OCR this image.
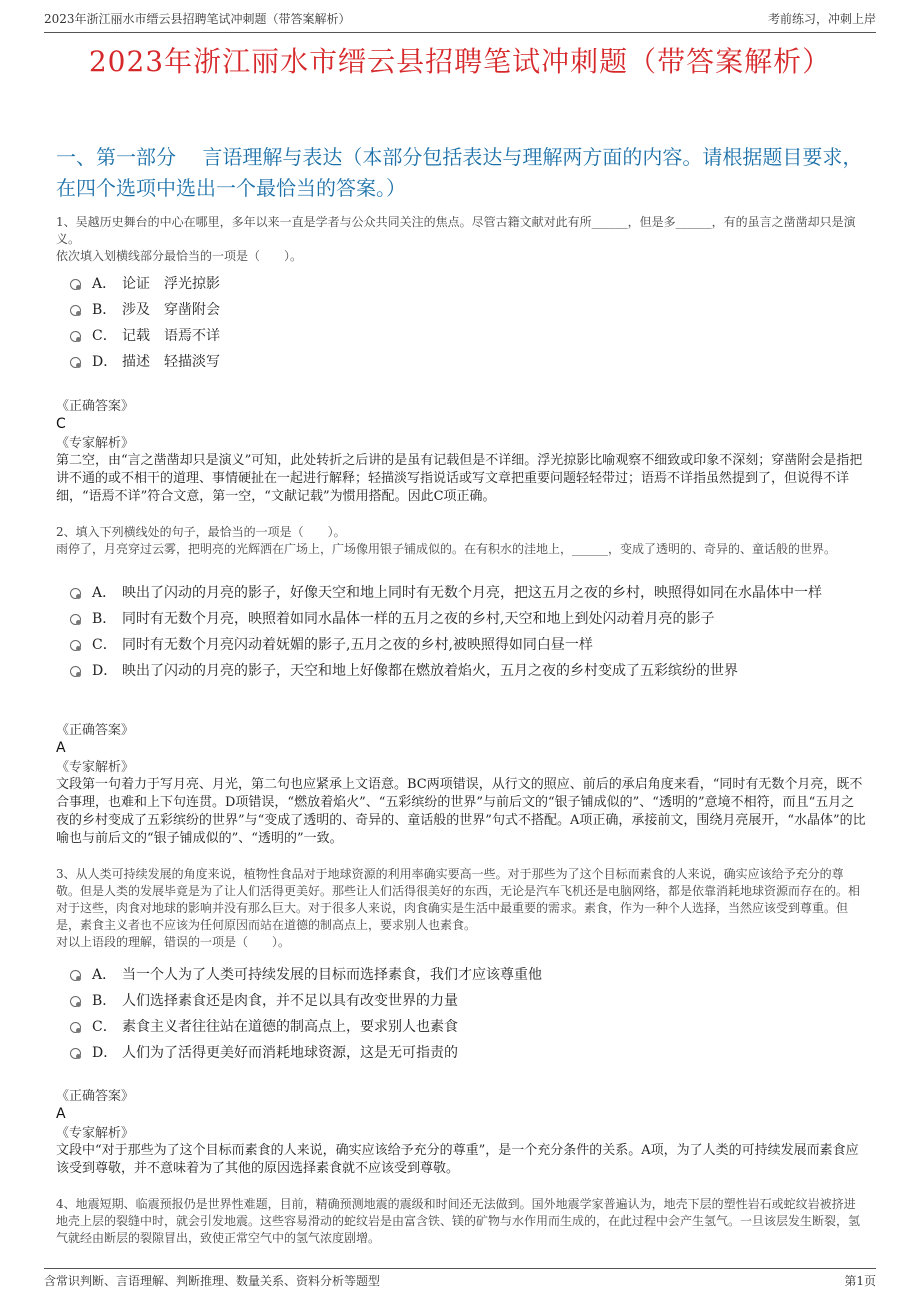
2023年浙江丽水市缙云县招聘笔试冲刺题（带答案解析）	考前练习，冲刺上岸
2023年浙江丽水市缙云县招聘笔试冲刺题（带答案解析）
一、第一部分　 言语理解与表达（本部分包括表达与理解两方面的内容。请根据题目要求，在四个选项中选出一个最恰当的答案。）

1、吴越历史舞台的中心在哪里，多年以来一直是学者与公众共同关注的焦点。尽管古籍文献对此有所______，但是多______，有的虽言之凿凿却只是演义。

依次填入划横线部分最恰当的一项是（　　）。

A． 论证　浮光掠影
B． 涉及　穿凿附会
C． 记载　语焉不详
D． 描述　轻描淡写

《正确答案》

C

《专家解析》

第二空，由“言之凿凿却只是演义”可知，此处转折之后讲的是虽有记载但是不详细。浮光掠影比喻观察不细致或印象不深刻；穿凿附会是指把讲不通的或不相干的道理、事情硬扯在一起进行解释；轻描淡写指说话或写文章把重要问题轻轻带过；语焉不详指虽然提到了，但说得不详细，“语焉不详”符合文意，第一空，“文献记载”为惯用搭配。因此C项正确。

2、填入下列横线处的句子，最恰当的一项是（　　）。

雨停了，月亮穿过云雾，把明亮的光辉洒在广场上，广场像用银子铺成似的。在有积水的洼地上，______，变成了透明的、奇异的、童话般的世界。

A． 映出了闪动的月亮的影子，好像天空和地上同时有无数个月亮，把这五月之夜的乡村，映照得如同在水晶体中一样
B． 同时有无数个月亮，映照着如同水晶体一样的五月之夜的乡村,天空和地上到处闪动着月亮的影子
C． 同时有无数个月亮闪动着妩媚的影子,五月之夜的乡村,被映照得如同白昼一样
D． 映出了闪动的月亮的影子，天空和地上好像都在燃放着焰火，五月之夜的乡村变成了五彩缤纷的世界

《正确答案》

A

《专家解析》

文段第一句着力于写月亮、月光，第二句也应紧承上文语意。BC两项错误，从行文的照应、前后的承启角度来看，“同时有无数个月亮，既不合事理，也难和上下句连贯。D项错误，“燃放着焰火”、“五彩缤纷的世界”与前后文的“银子铺成似的”、“透明的”意境不相符，而且“五月之夜的乡村变成了五彩缤纷的世界”与“变成了透明的、奇异的、童话般的世界”句式不搭配。A项正确，承接前文，围绕月亮展开，“水晶体”的比喻也与前后文的“银子铺成似的”、“透明的”一致。

3、从人类可持续发展的角度来说，植物性食品对于地球资源的利用率确实要高一些。对于那些为了这个目标而素食的人来说，确实应该给予充分的尊敬。但是人类的发展毕竟是为了让人们活得更美好。那些让人们活得很美好的东西，无论是汽车飞机还是电脑网络，都是依靠消耗地球资源而存在的。相对于这些，肉食对地球的影响并没有那么巨大。对于很多人来说，肉食确实是生活中最重要的需求。素食，作为一种个人选择，当然应该受到尊重。但是，素食主义者也不应该为任何原因而站在道德的制高点上，要求别人也素食。

对以上语段的理解，错误的一项是（　　）。

A． 当一个人为了人类可持续发展的目标而选择素食，我们才应该尊重他
B． 人们选择素食还是肉食，并不足以具有改变世界的力量
C． 素食主义者往往站在道德的制高点上，要求别人也素食
D． 人们为了活得更美好而消耗地球资源，这是无可指责的

《正确答案》

A

《专家解析》

文段中“对于那些为了这个目标而素食的人来说，确实应该给予充分的尊重”，是一个充分条件的关系。A项，为了人类的可持续发展而素食应该受到尊敬，并不意味着为了其他的原因选择素食就不应该受到尊敬。

4、地震短期、临震预报仍是世界性难题，目前，精确预测地震的震级和时间还无法做到。国外地震学家普遍认为，地壳下层的塑性岩石或蛇纹岩被挤进地壳上层的裂缝中时，就会引发地震。这些容易滑动的蛇纹岩是由富含铁、镁的矿物与水作用而生成的，在此过程中会产生氢气。一旦该层发生断裂，氢气就经由断层的裂隙冒出，致使正常空气中的氢气浓度剧增。

含常识判断、言语理解、判断推理、数量关系、资料分析等题型	第1页
